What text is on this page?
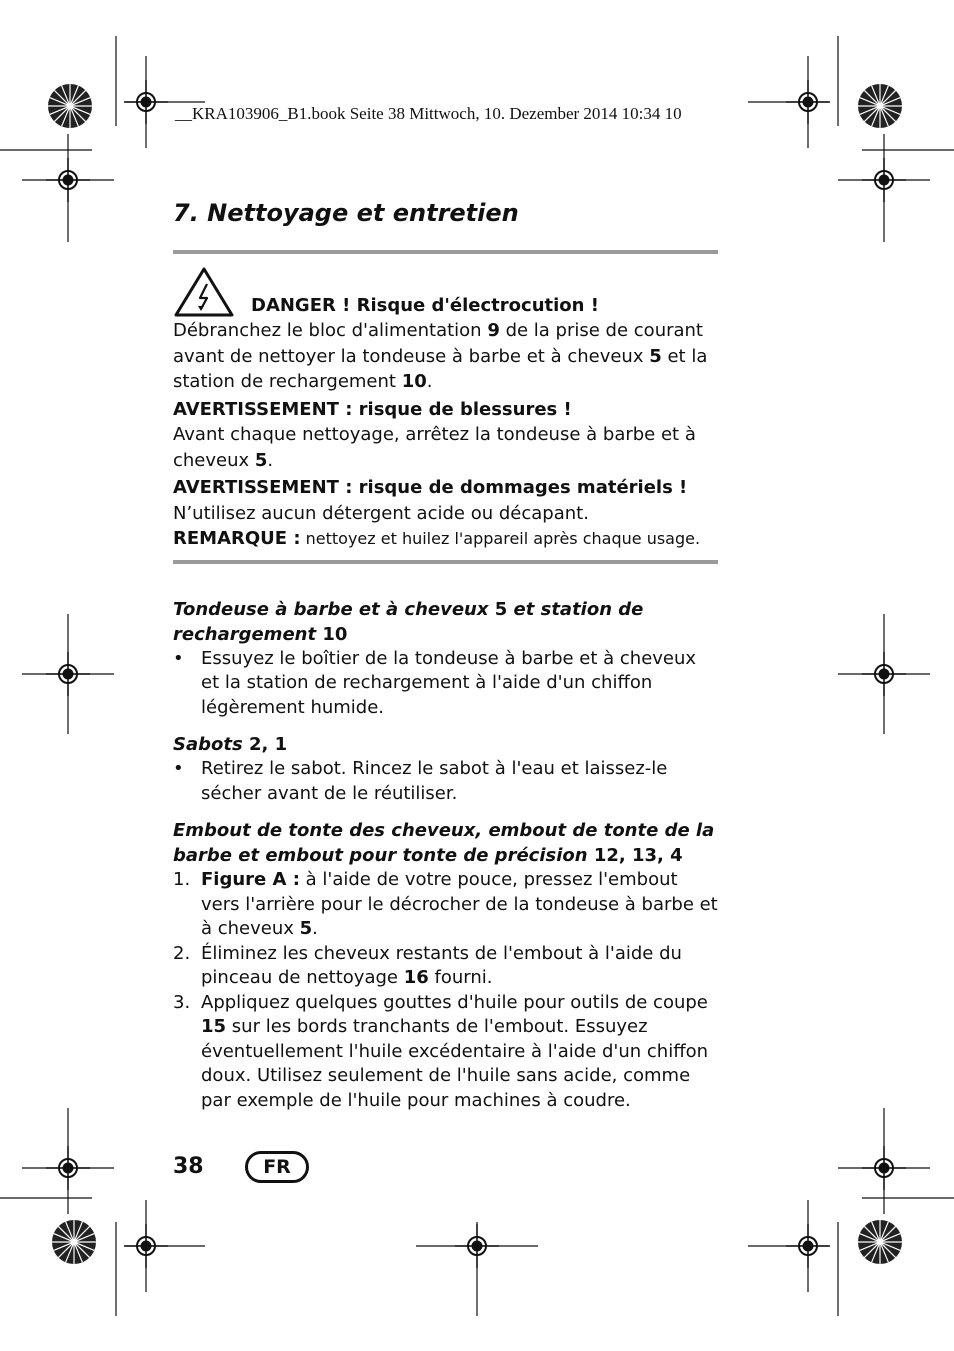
__KRA103906_B1.book Seite 38 Mittwoch, 10. Dezember 2014 10:34 10
7. Nettoyage et entretien
DANGER ! Risque d'électrocution !

Débranchez le bloc d'alimentation 9 de la prise de courant avant de nettoyer la tondeuse à barbe et à cheveux 5 et la station de rechargement 10.

AVERTISSEMENT : risque de blessures !

Avant chaque nettoyage, arrêtez la tondeuse à barbe et à cheveux 5.

AVERTISSEMENT : risque de dommages matériels !

N’utilisez aucun détergent acide ou décapant.

REMARQUE : nettoyez et huilez l'appareil après chaque usage.

Tondeuse à barbe et à cheveux 5 et station de rechargement 10

• Essuyez le boîtier de la tondeuse à barbe et à cheveux et la station de rechargement à l'aide d'un chiffon légèrement humide.

Sabots 2, 1

• Retirez le sabot. Rincez le sabot à l'eau et laissez-le sécher avant de le réutiliser.

Embout de tonte des cheveux, embout de tonte de la barbe et embout pour tonte de précision 12, 13, 4

1. Figure A : à l'aide de votre pouce, pressez l'embout vers l'arrière pour le décrocher de la tondeuse à barbe et à cheveux 5.
2. Éliminez les cheveux restants de l'embout à l'aide du pinceau de nettoyage 16 fourni.
3. Appliquez quelques gouttes d'huile pour outils de coupe 15 sur les bords tranchants de l'embout. Essuyez éventuellement l'huile excédentaire à l'aide d'un chiffon doux. Utilisez seulement de l'huile sans acide, comme par exemple de l'huile pour machines à coudre.
38	FR
